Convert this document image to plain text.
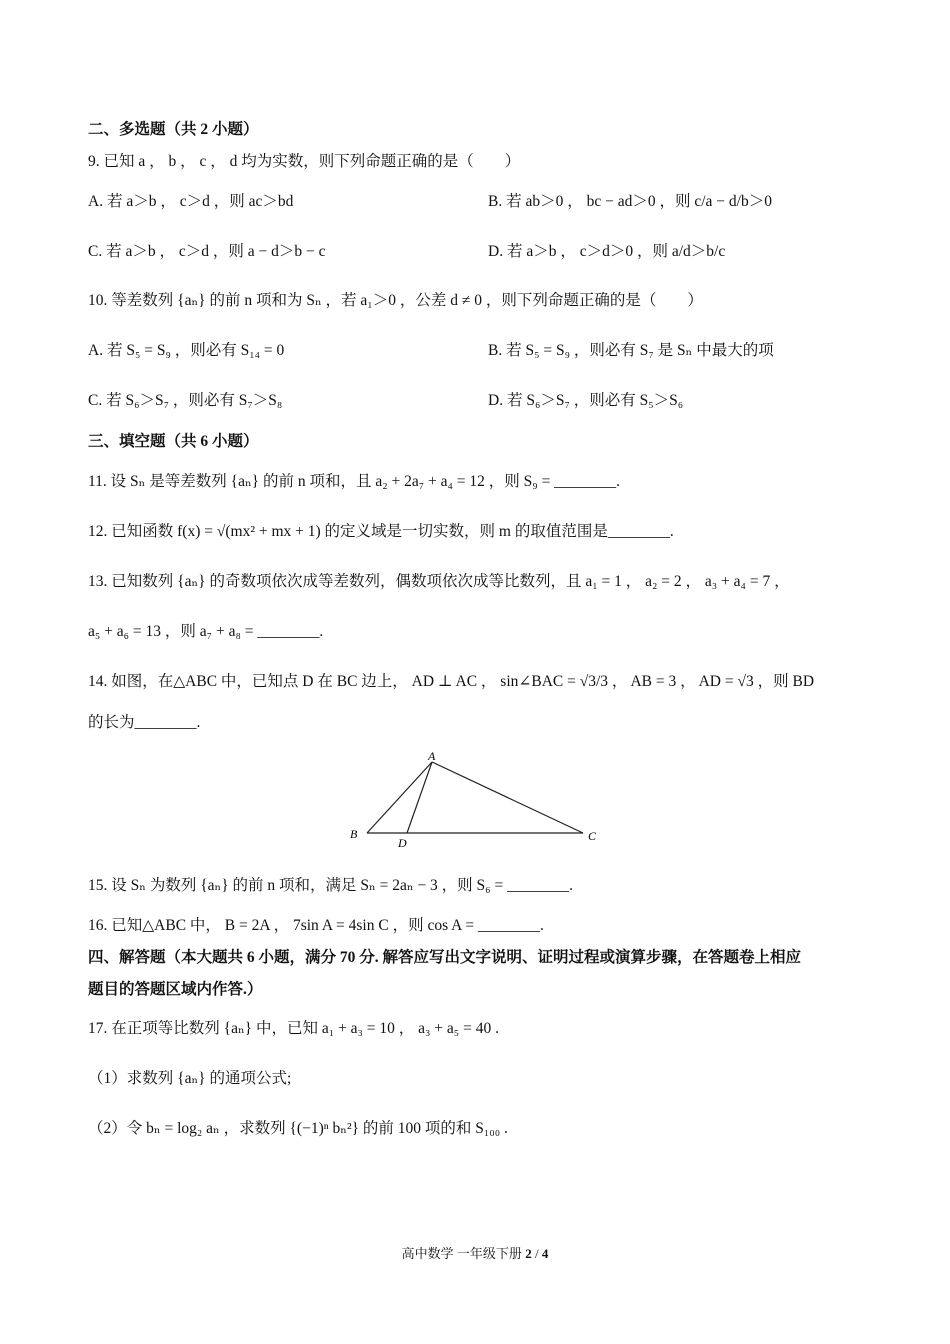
二、多选题（共 2 小题）
9. 已知 a ， b ， c ， d 均为实数，则下列命题正确的是（　　）
A. 若 a＞b ， c＞d ，则 ac＞bd	B. 若 ab＞0 ， bc − ad＞0 ，则 c/a − d/b＞0
C. 若 a＞b ， c＞d ，则 a − d＞b − c	D. 若 a＞b ， c＞d＞0 ，则 a/d＞b/c
10. 等差数列 {aₙ} 的前 n 项和为 Sₙ ，若 a₁＞0 ，公差 d ≠ 0 ，则下列命题正确的是（　　）
A. 若 S₅ = S₉ ，则必有 S₁₄ = 0	B. 若 S₅ = S₉ ，则必有 S₇ 是 Sₙ 中最大的项
C. 若 S₆＞S₇ ，则必有 S₇＞S₈	D. 若 S₆＞S₇ ，则必有 S₅＞S₆
三、填空题（共 6 小题）
11. 设 Sₙ 是等差数列 {aₙ} 的前 n 项和，且 a₂ + 2a₇ + a₄ = 12 ，则 S₉ = ________.
12. 已知函数 f(x) = √(mx² + mx + 1) 的定义域是一切实数，则 m 的取值范围是________.
13. 已知数列 {aₙ} 的奇数项依次成等差数列，偶数项依次成等比数列，且 a₁ = 1 ， a₂ = 2 ， a₃ + a₄ = 7 ，
a₅ + a₆ = 13 ，则 a₇ + a₈ = ________.
14. 如图，在△ABC 中，已知点 D 在 BC 边上， AD ⊥ AC ， sin∠BAC = √3/3 ， AB = 3 ， AD = √3 ，则 BD
的长为________.
A
B	C
D
15. 设 Sₙ 为数列 {aₙ} 的前 n 项和，满足 Sₙ = 2aₙ − 3 ，则 S₆ = ________.
16. 已知△ABC 中， B = 2A ， 7sin A = 4sin C ，则 cos A = ________.
四、解答题（本大题共 6 小题，满分 70 分. 解答应写出文字说明、证明过程或演算步骤，在答题卷上相应
题目的答题区域内作答.）
17. 在正项等比数列 {aₙ} 中，已知 a₁ + a₃ = 10 ， a₃ + a₅ = 40 .
（1）求数列 {aₙ} 的通项公式;
（2）令 bₙ = log₂ aₙ ，求数列 {(−1)ⁿ bₙ²} 的前 100 项的和 S₁₀₀ .
高中数学 一年级下册 2 / 4
